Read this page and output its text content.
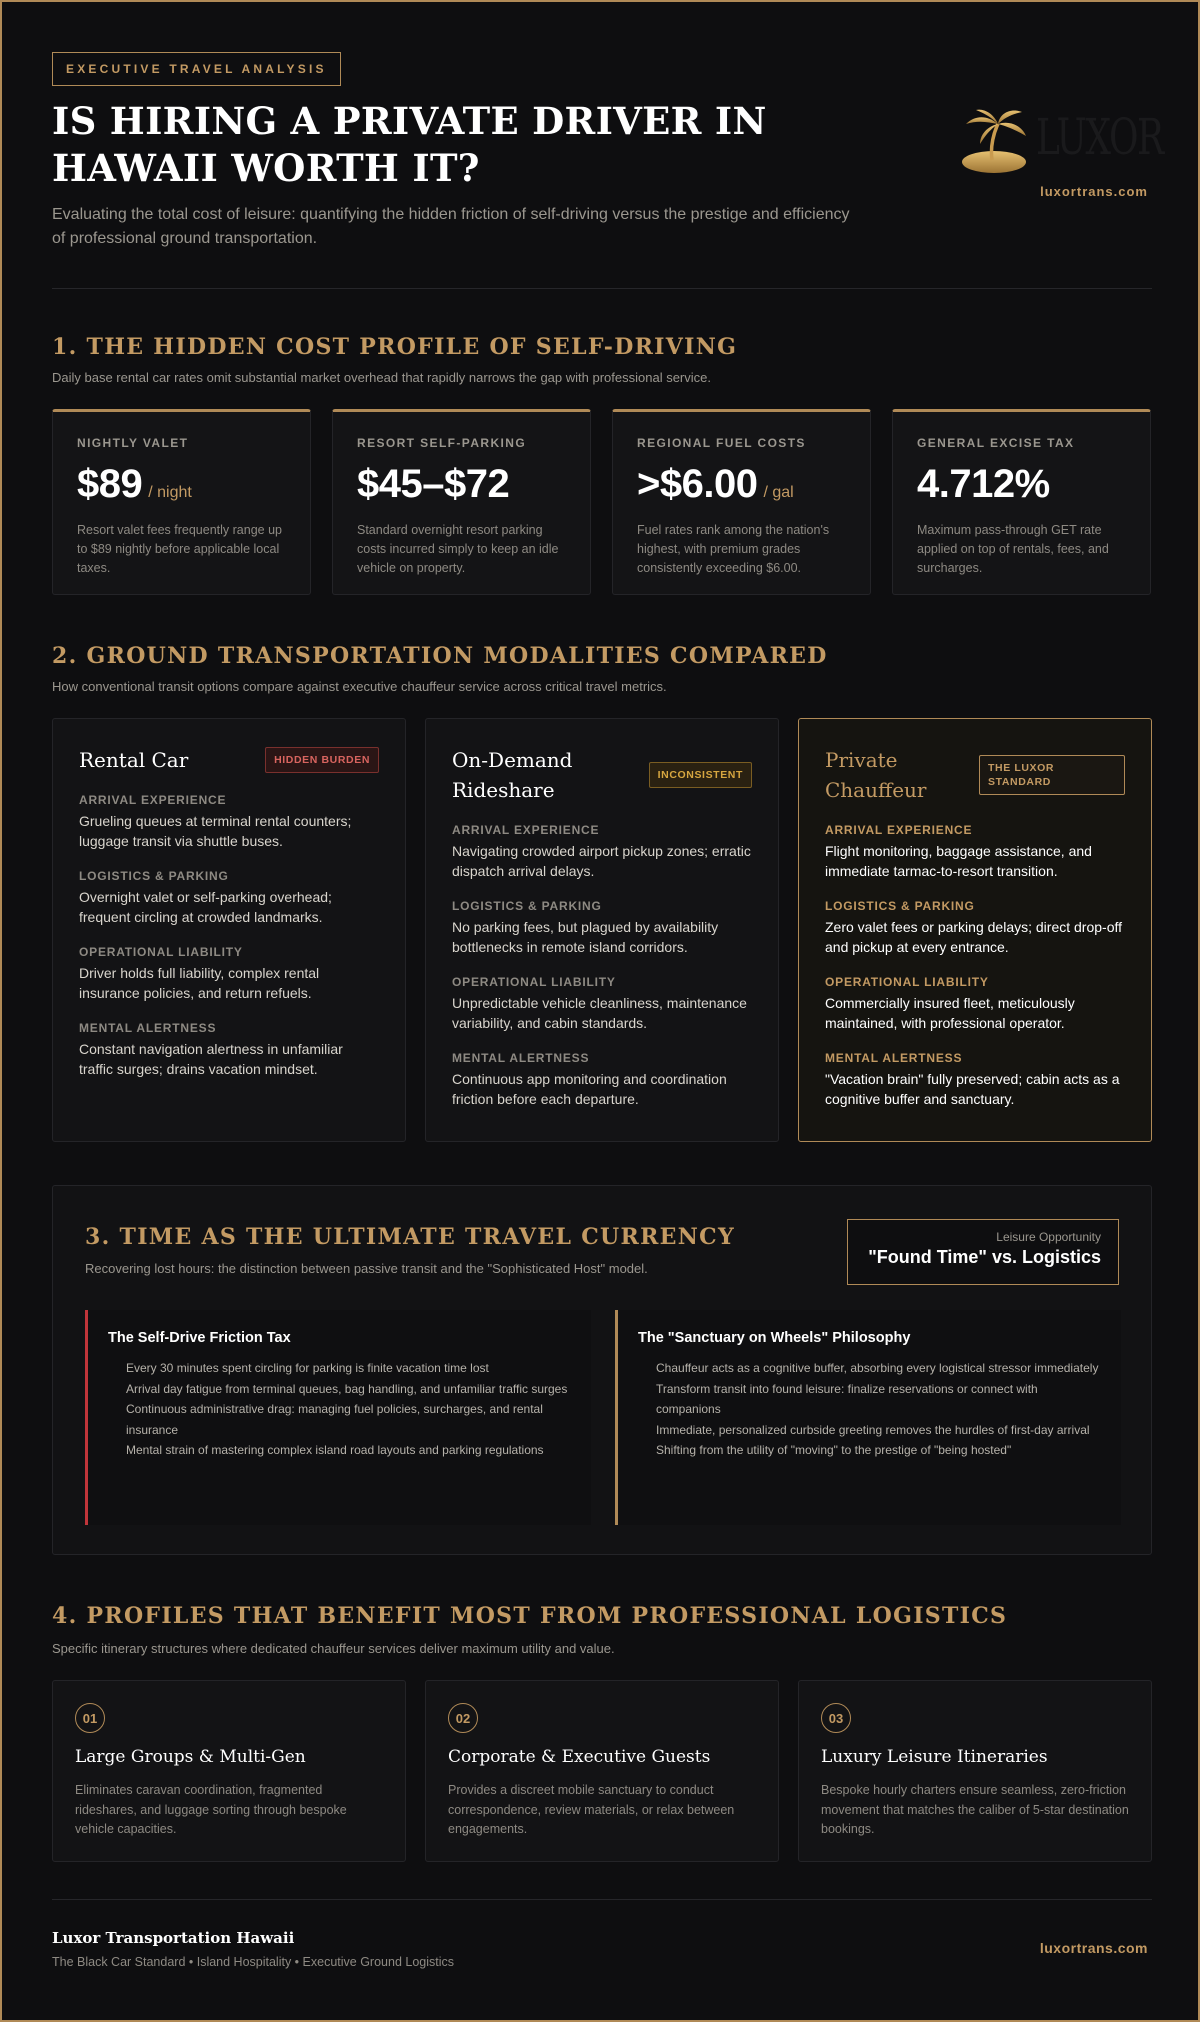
EXECUTIVE TRAVEL ANALYSIS
IS HIRING A PRIVATE DRIVER IN HAWAII WORTH IT?

Evaluating the total cost of leisure: quantifying the hidden friction of self-driving versus the prestige and efficiency of professional ground transportation.

LUXOR
luxortrans.com
1. THE HIDDEN COST PROFILE OF SELF-DRIVING

Daily base rental car rates omit substantial market overhead that rapidly narrows the gap with professional service.

NIGHTLY VALET
$89 / night
Resort valet fees frequently range up to $89 nightly before applicable local taxes.
RESORT SELF-PARKING
$45–$72
Standard overnight resort parking costs incurred simply to keep an idle vehicle on property.
REGIONAL FUEL COSTS
>$6.00 / gal
Fuel rates rank among the nation's highest, with premium grades consistently exceeding $6.00.
GENERAL EXCISE TAX
4.712%
Maximum pass-through GET rate applied on top of rentals, fees, and surcharges.
2. GROUND TRANSPORTATION MODALITIES COMPARED

How conventional transit options compare against executive chauffeur service across critical travel metrics.

Rental Car	HIDDEN BURDEN
ARRIVAL EXPERIENCE
Grueling queues at terminal rental counters; luggage transit via shuttle buses.
LOGISTICS & PARKING
Overnight valet or self-parking overhead; frequent circling at crowded landmarks.
OPERATIONAL LIABILITY
Driver holds full liability, complex rental insurance policies, and return refuels.
MENTAL ALERTNESS
Constant navigation alertness in unfamiliar traffic surges; drains vacation mindset.
On-Demand Rideshare
INCONSISTENT
ARRIVAL EXPERIENCE
Navigating crowded airport pickup zones; erratic dispatch arrival delays.
LOGISTICS & PARKING
No parking fees, but plagued by availability bottlenecks in remote island corridors.
OPERATIONAL LIABILITY
Unpredictable vehicle cleanliness, maintenance variability, and cabin standards.
MENTAL ALERTNESS
Continuous app monitoring and coordination friction before each departure.
Private Chauffeur
THE LUXOR STANDARD
ARRIVAL EXPERIENCE
Flight monitoring, baggage assistance, and immediate tarmac-to-resort transition.
LOGISTICS & PARKING
Zero valet fees or parking delays; direct drop-off and pickup at every entrance.
OPERATIONAL LIABILITY
Commercially insured fleet, meticulously maintained, with professional operator.
MENTAL ALERTNESS
"Vacation brain" fully preserved; cabin acts as a cognitive buffer and sanctuary.
3. TIME AS THE ULTIMATE TRAVEL CURRENCY

Recovering lost hours: the distinction between passive transit and the "Sophisticated Host" model.

Leisure Opportunity
"Found Time" vs. Logistics
The Self-Drive Friction Tax
Every 30 minutes spent circling for parking is finite vacation time lost
Arrival day fatigue from terminal queues, bag handling, and unfamiliar traffic surges
Continuous administrative drag: managing fuel policies, surcharges, and rental insurance
Mental strain of mastering complex island road layouts and parking regulations
The "Sanctuary on Wheels" Philosophy
Chauffeur acts as a cognitive buffer, absorbing every logistical stressor immediately
Transform transit into found leisure: finalize reservations or connect with companions
Immediate, personalized curbside greeting removes the hurdles of first-day arrival
Shifting from the utility of "moving" to the prestige of "being hosted"
4. PROFILES THAT BENEFIT MOST FROM PROFESSIONAL LOGISTICS

Specific itinerary structures where dedicated chauffeur services deliver maximum utility and value.

01
Large Groups & Multi-Gen
Eliminates caravan coordination, fragmented rideshares, and luggage sorting through bespoke vehicle capacities.
02
Corporate & Executive Guests
Provides a discreet mobile sanctuary to conduct correspondence, review materials, or relax between engagements.
03
Luxury Leisure Itineraries
Bespoke hourly charters ensure seamless, zero-friction movement that matches the caliber of 5-star destination bookings.
Luxor Transportation Hawaii
The Black Car Standard • Island Hospitality • Executive Ground Logistics
luxortrans.com
